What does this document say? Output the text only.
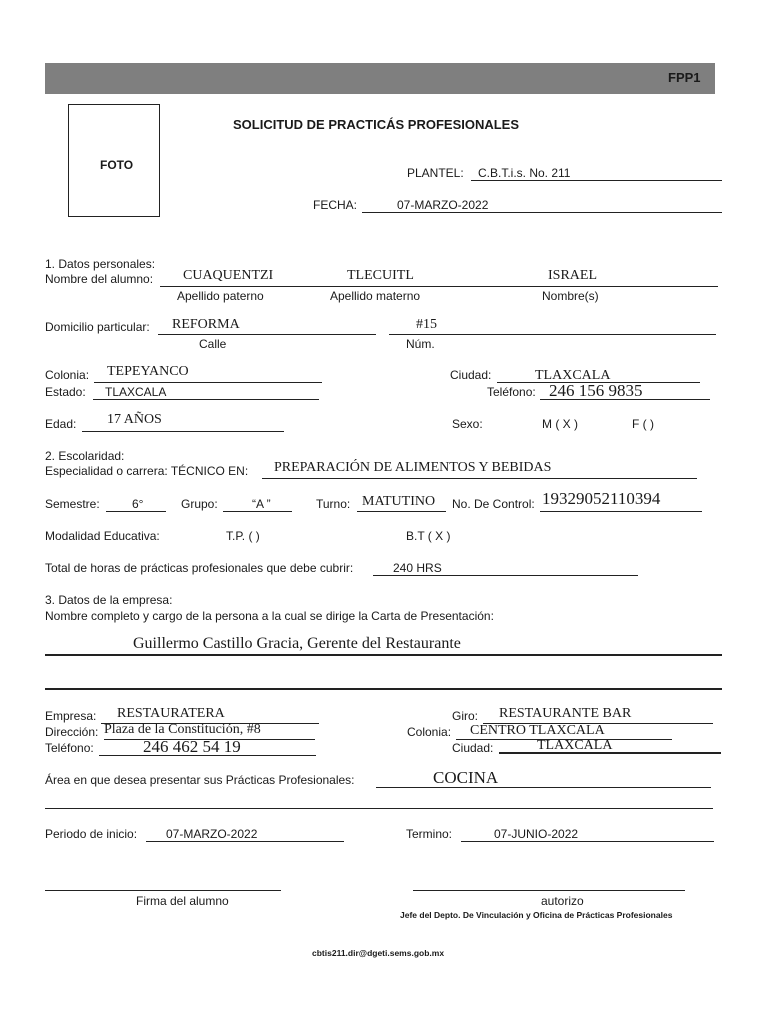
FPP1
FOTO
SOLICITUD DE PRACTICÁS PROFESIONALES
PLANTEL: C.B.T.i.s. No. 211
FECHA:	07-MARZO-2022
1. Datos personales:
Nombre del alumno: CUAQUENTZI	TLECUITL	ISRAEL
Apellido paterno	Apellido materno	Nombre(s)
Domicilio particular: REFORMA	#15
Calle	Núm.
Colonia: TEPEYANCO	Ciudad:	TLAXCALA
Estado: TLAXCALA	Teléfono: 246 156 9835
Edad: 17 AÑOS	Sexo:	M ( X )	F ( )
2. Escolaridad:
Especialidad o carrera: TÉCNICO EN: PREPARACIÓN DE ALIMENTOS Y BEBIDAS
Semestre:	6°	Grupo:	“A ”	Turno: MATUTINO No. De Control: 19329052110394
Modalidad Educativa:	T.P. ( )	B.T ( X )
Total de horas de prácticas profesionales que debe cubrir:	240 HRS
3. Datos de la empresa:
Nombre completo y cargo de la persona a la cual se dirige la Carta de Presentación:
Guillermo Castillo Gracia, Gerente del Restaurante
Empresa: RESTAURATERA	Giro: RESTAURANTE BAR
Dirección: Plaza de la Constitución, #8	Colonia: CENTRO TLAXCALA
Teléfono:	246 462 54 19	Ciudad:	TLAXCALA
Área en que desea presentar sus Prácticas Profesionales:	COCINA
Periodo de inicio: 07-MARZO-2022	Termino:	07-JUNIO-2022
Firma del alumno	autorizo
Jefe del Depto. De Vinculación y Oficina de Prácticas Profesionales
cbtis211.dir@dgeti.sems.gob.mx
